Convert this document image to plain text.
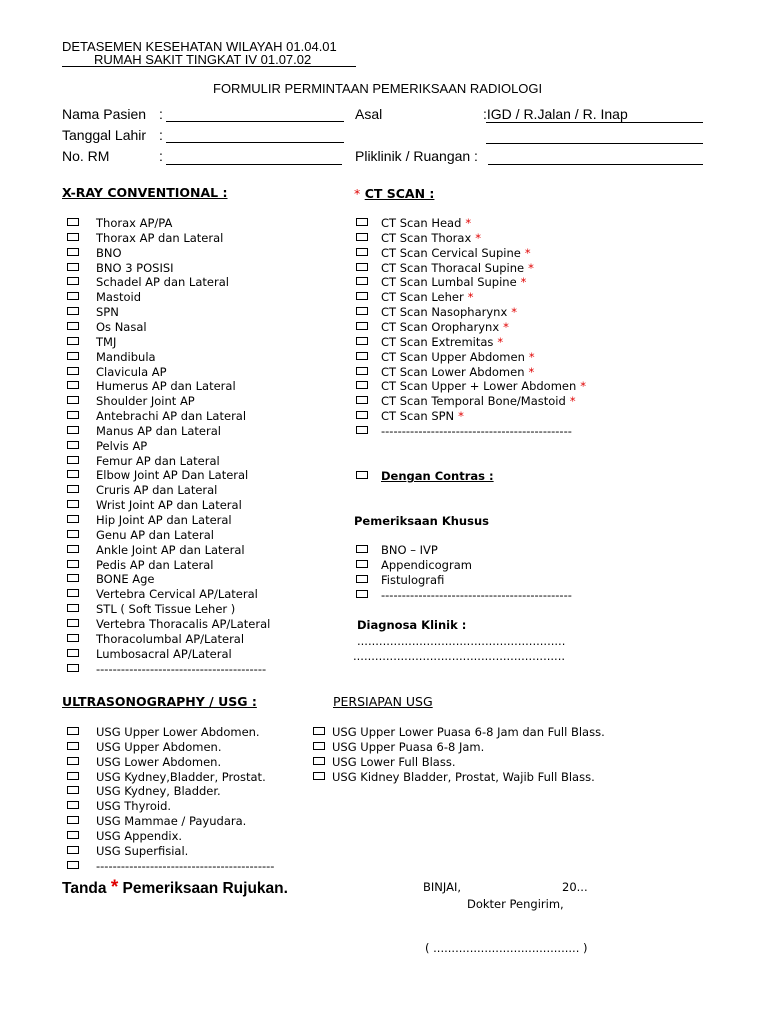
DETASEMEN KESEHATAN WILAYAH 01.04.01
RUMAH SAKIT TINGKAT IV 01.07.02
FORMULIR PERMINTAAN PEMERIKSAAN RADIOLOGI
Nama Pasien :
Tanggal Lahir :
No. RM	:
Asal	:IGD / R.Jalan / R. Inap
Pliklinik / Ruangan :
X-RAY CONVENTIONAL :	* CT SCAN :
Thorax AP/PA
Thorax AP dan Lateral
BNO
BNO 3 POSISI
Schadel AP dan Lateral
Mastoid
SPN
Os Nasal
TMJ
Mandibula
Clavicula AP
Humerus AP dan Lateral
Shoulder Joint AP
Antebrachi AP dan Lateral
Manus AP dan Lateral
Pelvis AP
Femur AP dan Lateral
Elbow Joint AP Dan Lateral
Cruris AP dan Lateral
Wrist Joint AP dan Lateral
Hip Joint AP dan Lateral
Genu AP dan Lateral
Ankle Joint AP dan Lateral
Pedis AP dan Lateral
BONE Age
Vertebra Cervical AP/Lateral
STL ( Soft Tissue Leher )
Vertebra Thoracalis AP/Lateral
Thoracolumbal AP/Lateral
Lumbosacral AP/Lateral
-----------------------------------------
CT Scan Head *
CT Scan Thorax *
CT Scan Cervical Supine *
CT Scan Thoracal Supine *
CT Scan Lumbal Supine *
CT Scan Leher *
CT Scan Nasopharynx *
CT Scan Oropharynx *
CT Scan Extremitas *
CT Scan Upper Abdomen *
CT Scan Lower Abdomen *
CT Scan Upper + Lower Abdomen *
CT Scan Temporal Bone/Mastoid *
CT Scan SPN *
----------------------------------------------
Dengan Contras :
Pemeriksaan Khusus
BNO – IVP
Appendicogram
Fistulografi
----------------------------------------------
Diagnosa Klinik :
.........................................................
..........................................................
ULTRASONOGRAPHY / USG :	PERSIAPAN USG
USG Upper Lower Abdomen.
USG Upper Abdomen.
USG Lower Abdomen.
USG Kydney,Bladder, Prostat.
USG Kydney, Bladder.
USG Thyroid.
USG Mammae / Payudara.
USG Appendix.
USG Superfisial.
-------------------------------------------
USG Upper Lower Puasa 6-8 Jam dan Full Blass.
USG Upper Puasa 6-8 Jam.
USG Lower Full Blass.
USG Kidney Bladder, Prostat, Wajib Full Blass.
Tanda * Pemeriksaan Rujukan.	BINJAI,	20...
Dokter Pengirim,
( ........................................ )
